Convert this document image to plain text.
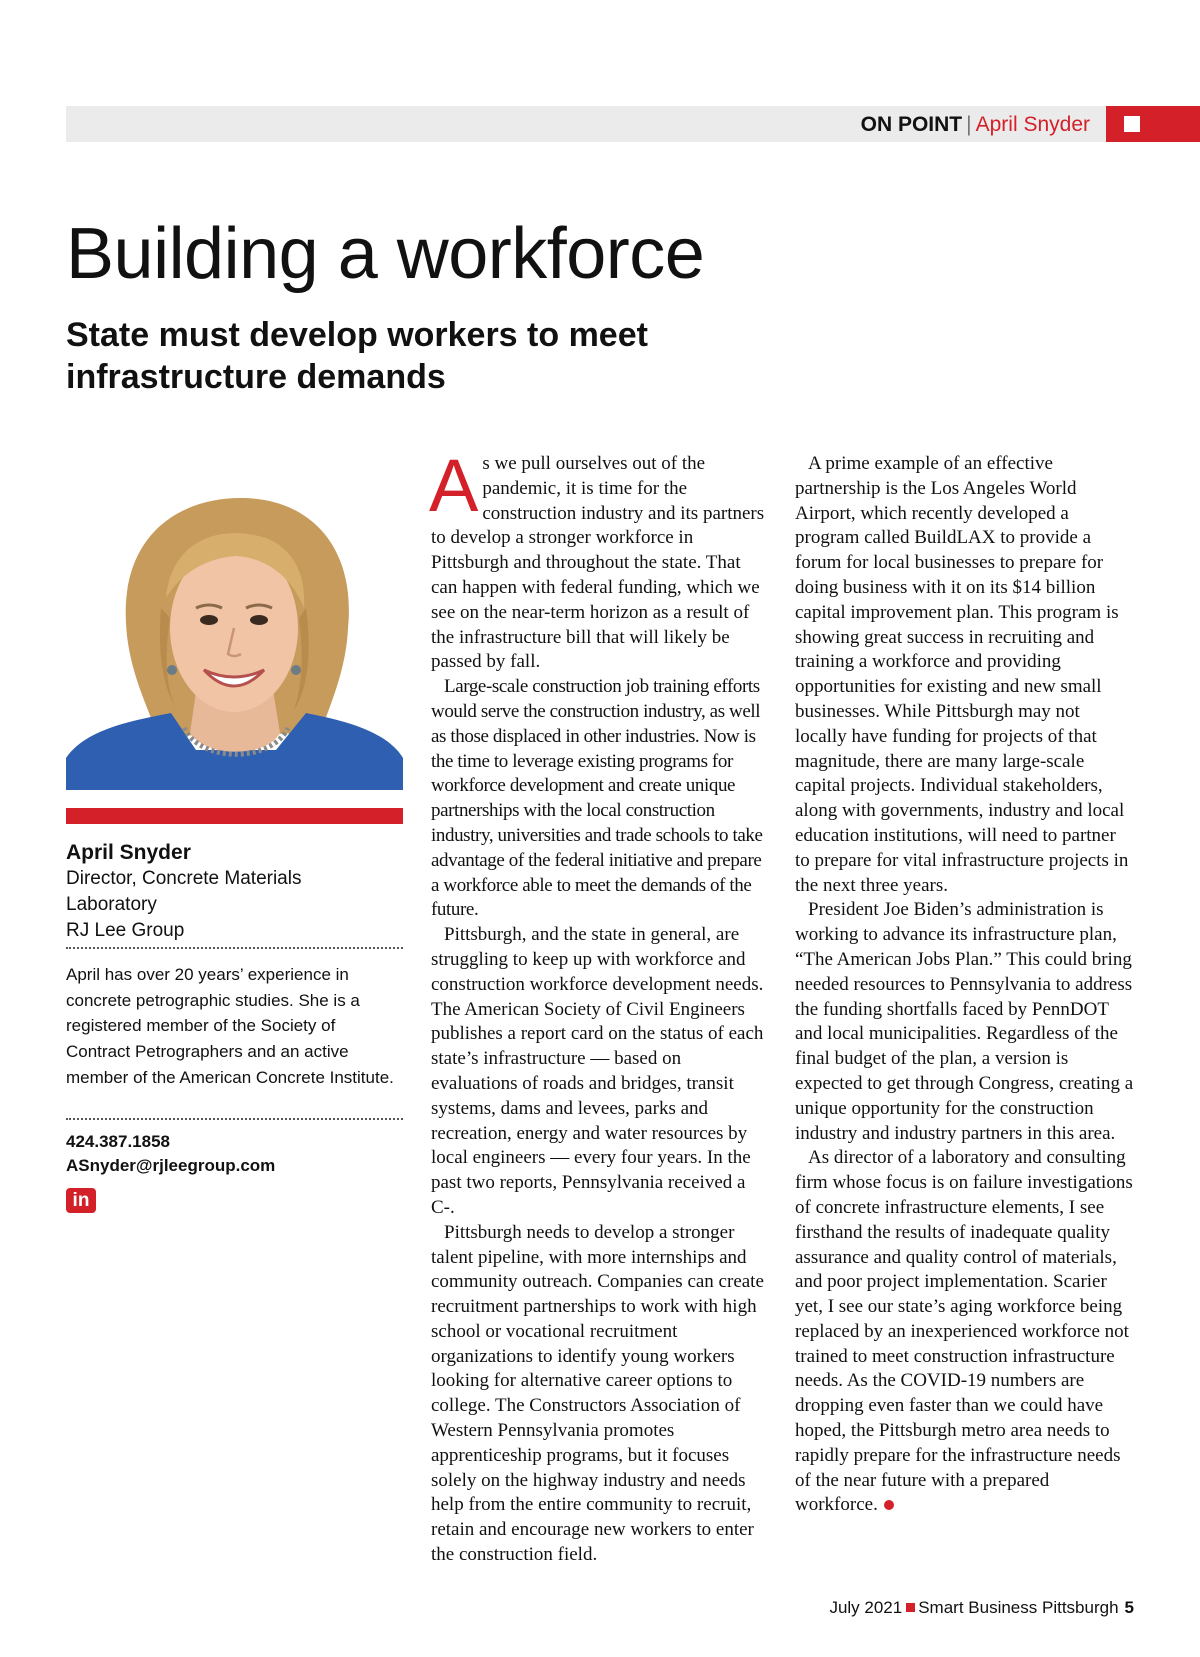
ON POINT | April Snyder
Building a workforce
State must develop workers to meet infrastructure demands
April Snyder
Director, Concrete Materials
Laboratory
RJ Lee Group
April has over 20 years’ experience in concrete petrographic studies. She is a registered member of the Society of Contract Petrographers and an active member of the American Concrete Institute.
424.387.1858
ASnyder@rjleegroup.com
in

As we pull ourselves out of the pandemic, it is time for the construction industry and its partners to develop a stronger workforce in Pittsburgh and throughout the state. That can happen with federal funding, which we see on the near-term horizon as a result of the infrastructure bill that will likely be passed by fall.

Large-scale construction job training efforts would serve the construction industry, as well as those displaced in other industries. Now is the time to leverage existing programs for workforce development and create unique partnerships with the local construction industry, universities and trade schools to take advantage of the federal initiative and prepare a workforce able to meet the demands of the future.

Pittsburgh, and the state in general, are struggling to keep up with workforce and construction workforce development needs. The American Society of Civil Engineers publishes a report card on the status of each state’s infrastructure — based on evaluations of roads and bridges, transit systems, dams and levees, parks and recreation, energy and water resources by local engineers — every four years. In the past two reports, Pennsylvania received a C-.

Pittsburgh needs to develop a stronger talent pipeline, with more internships and community outreach. Companies can create recruitment partnerships to work with high school or vocational recruitment organizations to identify young workers looking for alternative career options to college. The Constructors Association of Western Pennsylvania promotes apprenticeship programs, but it focuses solely on the highway industry and needs help from the entire community to recruit, retain and encourage new workers to enter the construction field.

A prime example of an effective partnership is the Los Angeles World Airport, which recently developed a program called BuildLAX to provide a forum for local businesses to prepare for doing business with it on its $14 billion capital improvement plan. This program is showing great success in recruiting and training a workforce and providing opportunities for existing and new small businesses. While Pittsburgh may not locally have funding for projects of that magnitude, there are many large-scale capital projects. Individual stakeholders, along with governments, industry and local education institutions, will need to partner to prepare for vital infrastructure projects in the next three years.

President Joe Biden’s administration is working to advance its infrastructure plan, “The American Jobs Plan.” This could bring needed resources to Pennsylvania to address the funding shortfalls faced by PennDOT and local municipalities. Regardless of the final budget of the plan, a version is expected to get through Congress, creating a unique opportunity for the construction industry and industry partners in this area.

As director of a laboratory and consulting firm whose focus is on failure investigations of concrete infrastructure elements, I see firsthand the results of inadequate quality assurance and quality control of materials, and poor project implementation. Scarier yet, I see our state’s aging workforce being replaced by an inexperienced workforce not trained to meet construction infrastructure needs. As the COVID-19 numbers are dropping even faster than we could have hoped, the Pittsburgh metro area needs to rapidly prepare for the infrastructure needs of the near future with a prepared workforce.

July 2021 Smart Business Pittsburgh 5
